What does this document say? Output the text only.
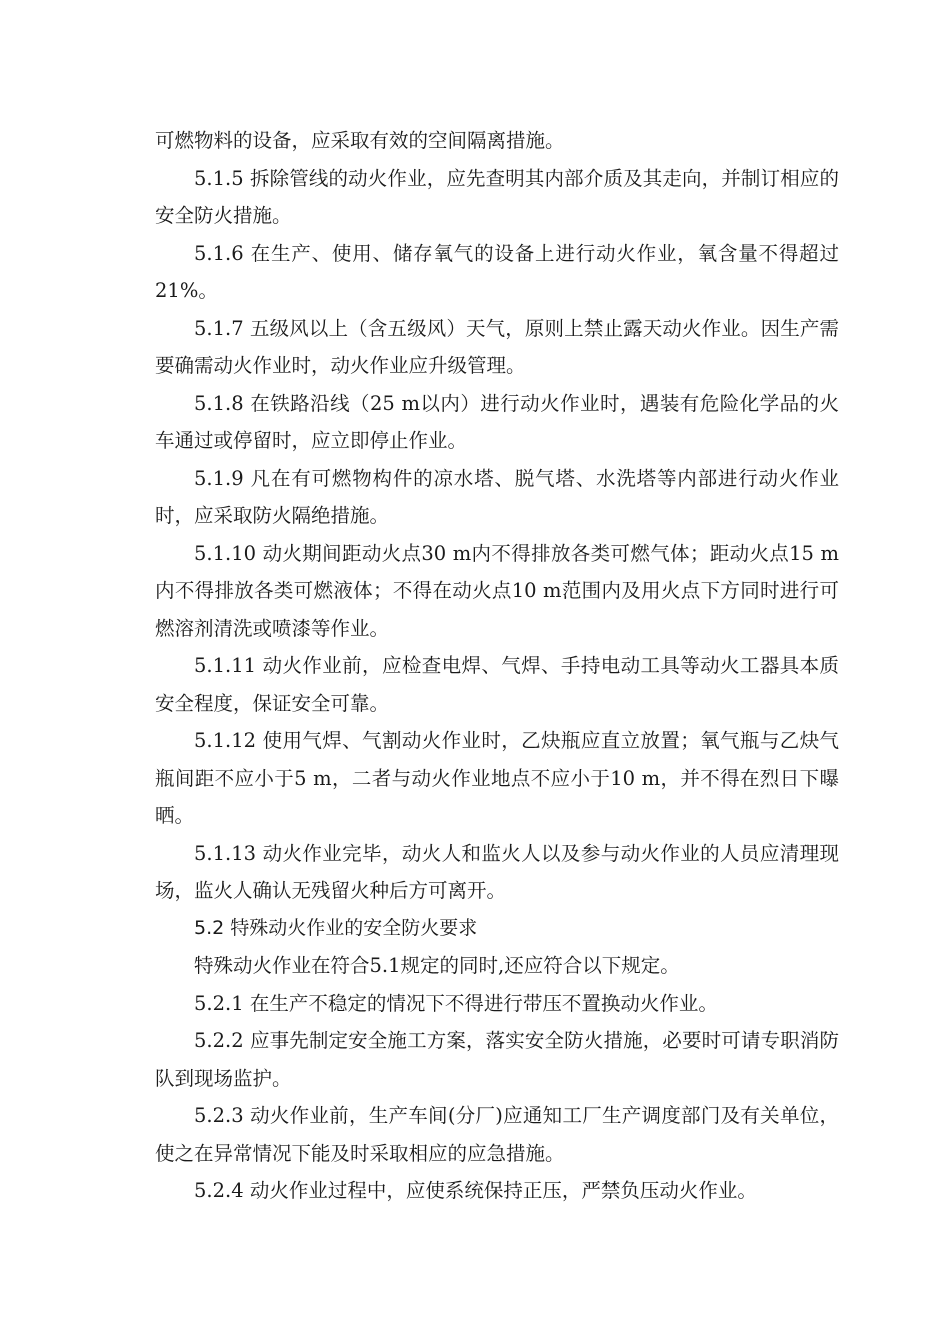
可燃物料的设备，应采取有效的空间隔离措施。

5.1.5 拆除管线的动火作业，应先查明其内部介质及其走向，并制订相应的安全防火措施。

5.1.6 在生产、使用、储存氧气的设备上进行动火作业，氧含量不得超过21%。

5.1.7 五级风以上（含五级风）天气，原则上禁止露天动火作业。因生产需要确需动火作业时，动火作业应升级管理。

5.1.8 在铁路沿线（25 m以内）进行动火作业时，遇装有危险化学品的火车通过或停留时，应立即停止作业。

5.1.9 凡在有可燃物构件的凉水塔、脱气塔、水洗塔等内部进行动火作业时，应采取防火隔绝措施。

5.1.10 动火期间距动火点30 m内不得排放各类可燃气体；距动火点15 m内不得排放各类可燃液体；不得在动火点10 m范围内及用火点下方同时进行可燃溶剂清洗或喷漆等作业。

5.1.11 动火作业前，应检查电焊、气焊、手持电动工具等动火工器具本质安全程度，保证安全可靠。

5.1.12 使用气焊、气割动火作业时，乙炔瓶应直立放置；氧气瓶与乙炔气瓶间距不应小于5 m，二者与动火作业地点不应小于10 m，并不得在烈日下曝晒。

5.1.13 动火作业完毕，动火人和监火人以及参与动火作业的人员应清理现场，监火人确认无残留火种后方可离开。

5.2 特殊动火作业的安全防火要求

特殊动火作业在符合5.1规定的同时,还应符合以下规定。

5.2.1 在生产不稳定的情况下不得进行带压不置换动火作业。

5.2.2 应事先制定安全施工方案，落实安全防火措施，必要时可请专职消防队到现场监护。

5.2.3 动火作业前，生产车间(分厂)应通知工厂生产调度部门及有关单位，使之在异常情况下能及时采取相应的应急措施。

5.2.4 动火作业过程中，应使系统保持正压，严禁负压动火作业。
